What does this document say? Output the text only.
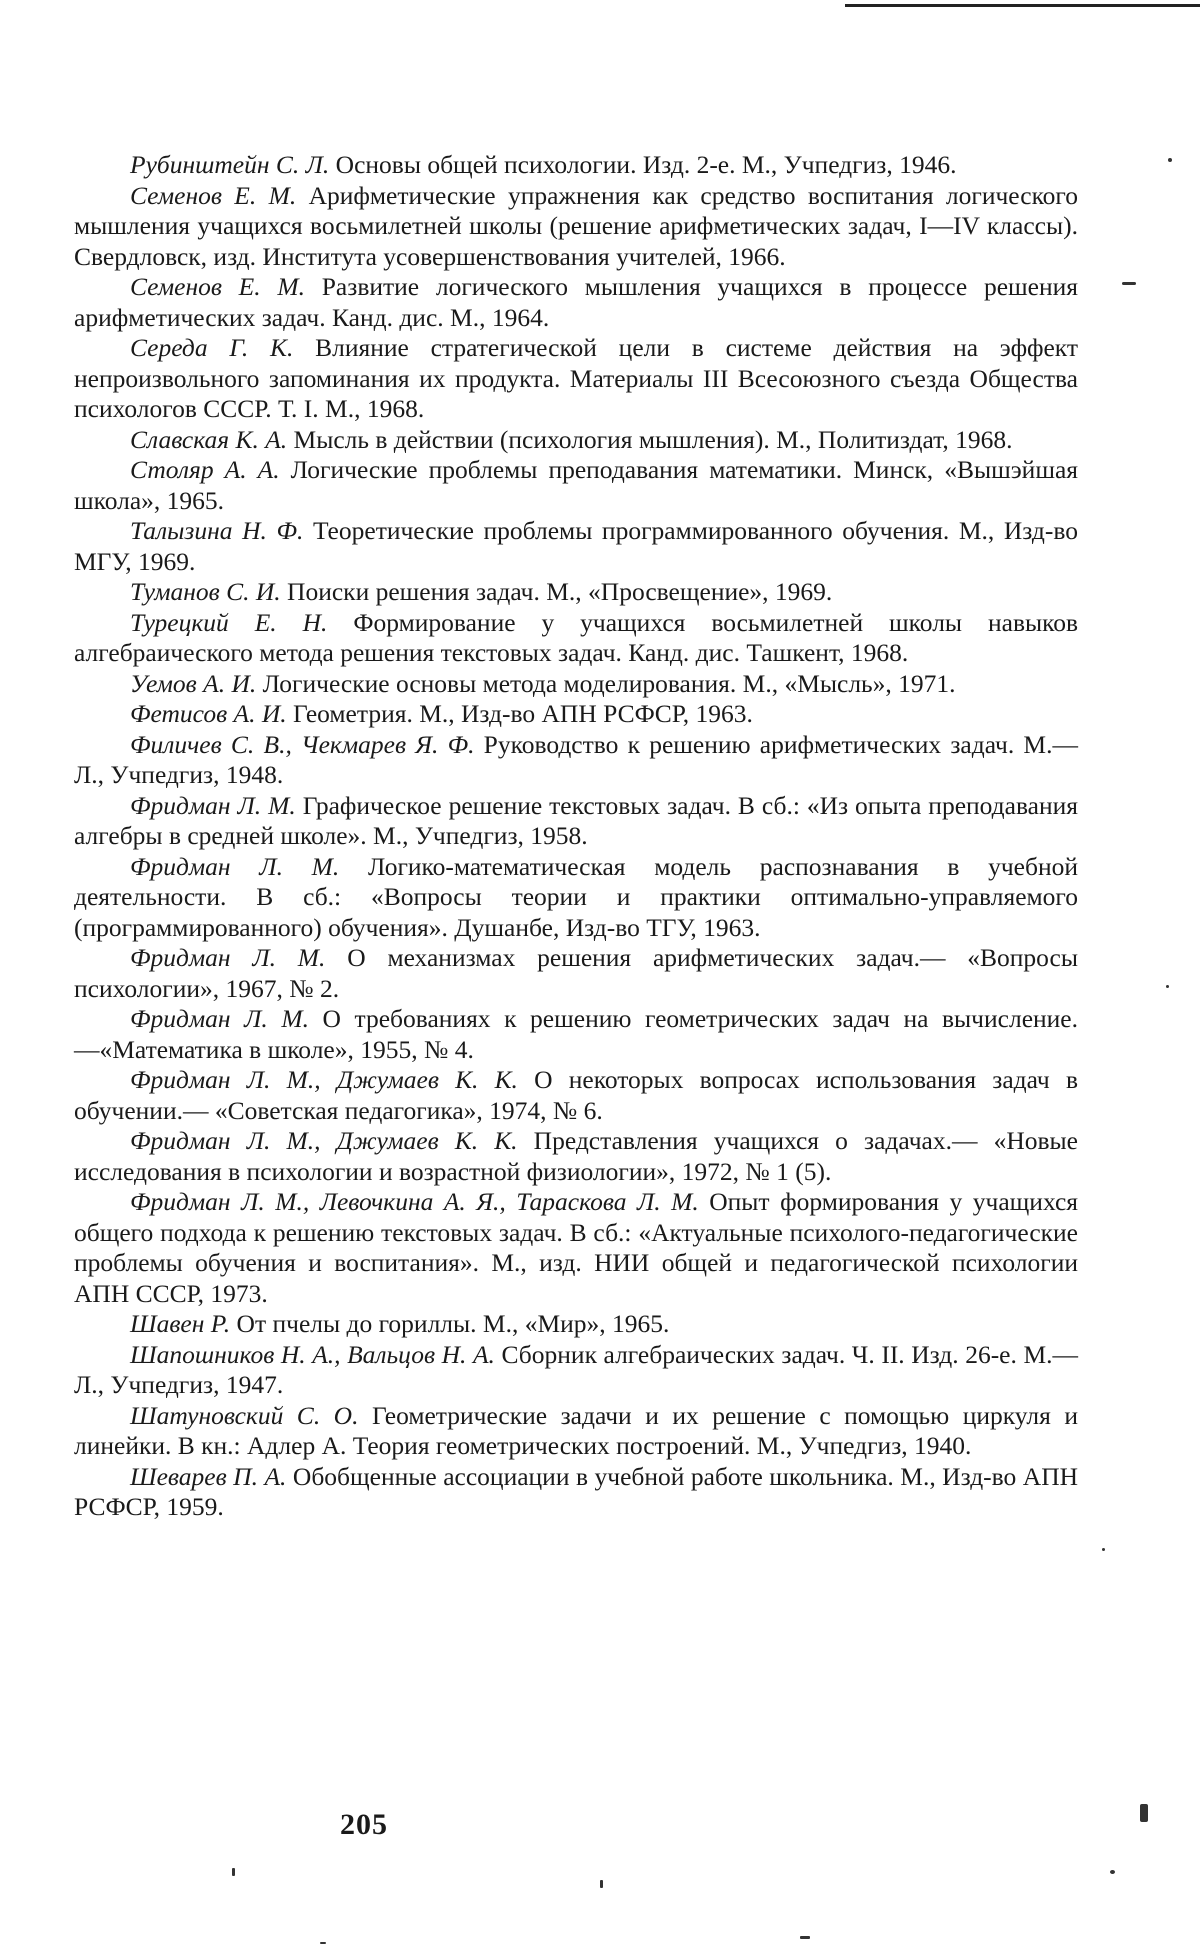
Рубинштейн С. Л. Основы общей психологии. Изд. 2-е. М., Учпедгиз, 1946.

Семенов Е. М. Арифметические упражнения как средство воспитания логического мышления учащихся восьмилетней школы (решение арифметических задач, I—IV классы). Свердловск, изд. Института усовершенствования учителей, 1966.

Семенов Е. М. Развитие логического мышления учащихся в процессе решения арифметических задач. Канд. дис. М., 1964.

Середа Г. К. Влияние стратегической цели в системе действия на эффект непроизвольного запоминания их продукта. Материалы III Всесоюзного съезда Общества психологов СССР. Т. I. М., 1968.

Славская К. А. Мысль в действии (психология мышления). М., Политиздат, 1968.

Столяр А. А. Логические проблемы преподавания математики. Минск, «Вышэйшая школа», 1965.

Талызина Н. Ф. Теоретические проблемы программированного обучения. М., Изд-во МГУ, 1969.

Туманов С. И. Поиски решения задач. М., «Просвещение», 1969.

Турецкий Е. Н. Формирование у учащихся восьмилетней школы навыков алгебраического метода решения текстовых задач. Канд. дис. Ташкент, 1968.

Уемов А. И. Логические основы метода моделирования. М., «Мысль», 1971.

Фетисов А. И. Геометрия. М., Изд-во АПН РСФСР, 1963.

Филичев С. В., Чекмарев Я. Ф. Руководство к решению арифметических задач. М.— Л., Учпедгиз, 1948.

Фридман Л. М. Графическое решение текстовых задач. В сб.: «Из опыта преподавания алгебры в средней школе». М., Учпедгиз, 1958.

Фридман Л. М. Логико-математическая модель распознавания в учебной деятельности. В сб.: «Вопросы теории и практики оптимально-управляемого (программированного) обучения». Душанбе, Изд-во ТГУ, 1963.

Фридман Л. М. О механизмах решения арифметических задач.— «Вопросы психологии», 1967, № 2.

Фридман Л. М. О требованиях к решению геометрических задач на вычисление.—«Математика в школе», 1955, № 4.

Фридман Л. М., Джумаев К. К. О некоторых вопросах использования задач в обучении.— «Советская педагогика», 1974, № 6.

Фридман Л. М., Джумаев К. К. Представления учащихся о задачах.— «Новые исследования в психологии и возрастной физиологии», 1972, № 1 (5).

Фридман Л. М., Левочкина А. Я., Тараскова Л. М. Опыт формирования у учащихся общего подхода к решению текстовых задач. В сб.: «Актуальные психолого-педагогические проблемы обучения и воспитания». М., изд. НИИ общей и педагогической психологии АПН СССР, 1973.

Шавен Р. От пчелы до гориллы. М., «Мир», 1965.

Шапошников Н. А., Вальцов Н. А. Сборник алгебраических задач. Ч. II. Изд. 26-е. М.— Л., Учпедгиз, 1947.

Шатуновский С. О. Геометрические задачи и их решение с помощью циркуля и линейки. В кн.: Адлер А. Теория геометрических построений. М., Учпедгиз, 1940.

Шеварев П. А. Обобщенные ассоциации в учебной работе школьника. М., Изд-во АПН РСФСР, 1959.

205
